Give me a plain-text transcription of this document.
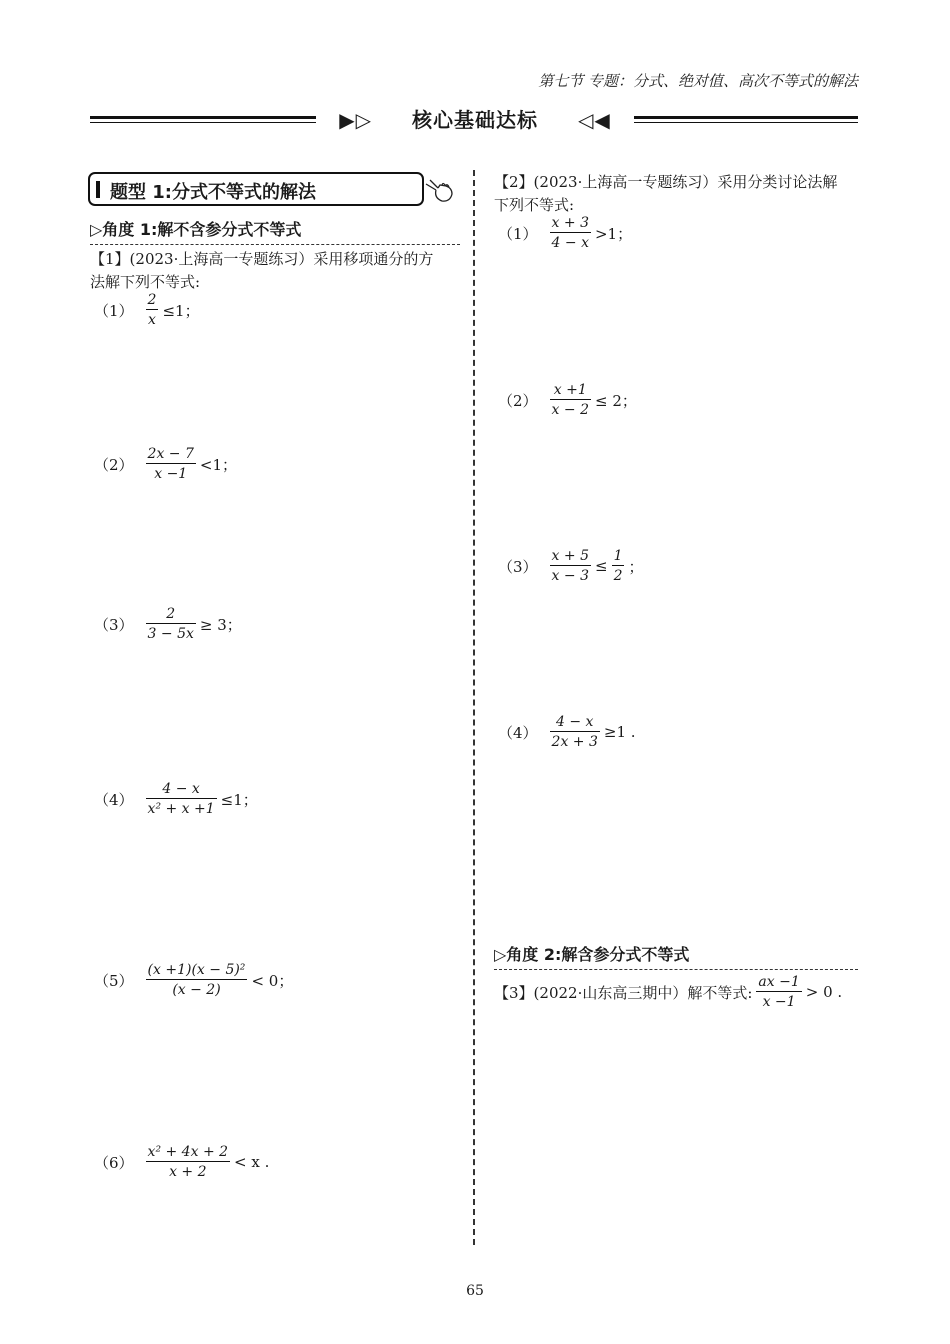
第七节 专题：分式、绝对值、高次不等式的解法
▶▷ 核心基础达标 ◁◀
题型 1:分式不等式的解法
▷角度 1:解不含参分式不等式
【1】(2023·上海高一专题练习）采用移项通分的方
法解下列不等式:
$(1) \frac{2}{x} \le 1$；
$(2) \frac{2x - 7}{x -1} <1$；
$(3) \frac{2}{3 - 5x} \ge 3$；
$(4) \frac{4 - x}{\text{x² + x +1}} \le 1$；
$(5) \frac{\text{(x +1)(x − 5)²}}{(x - 2)} < 0$；
$(6) \frac{\text{x² + 4x + 2}}{x + 2} < x$ .
【2】(2023·上海高一专题练习）采用分类讨论法解
下列不等式:
$(1) \frac{x + 3}{4 - x} >1$；
$(2) \frac{x +1}{x - 2} \le 2$；
$(3) \frac{x + 5}{x - 3} \le \frac{1}{2}$ ；
$(4) \frac{4 - x}{2x + 3} \ge 1$ .
▷角度 2:解含参分式不等式
【3】(2022·山东高三期中）解不等式: $\frac{ax -1}{x -1} > 0$ .
65
